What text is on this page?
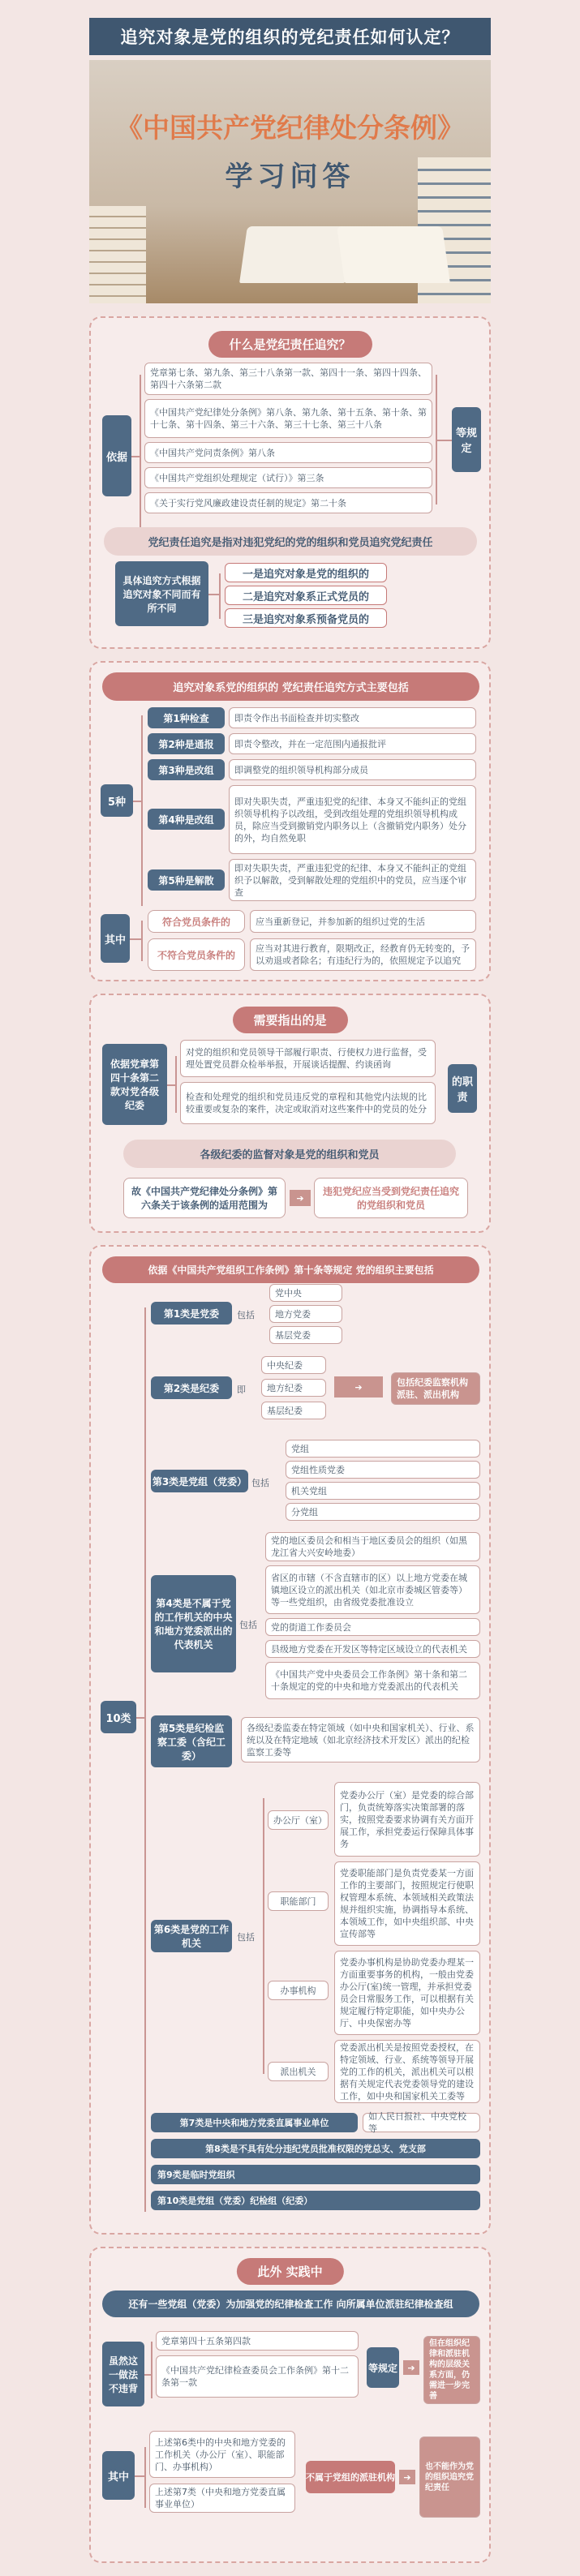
追究对象是党的组织的党纪责任如何认定？
《中国共产党纪律处分条例》
学习问答
什么是党纪责任追究？
依据
党章第七条、第九条、第三十八条第一款、第四十一条、第四十四条、第四十六条第二款
《中国共产党纪律处分条例》第八条、第九条、第十五条、第十条、第十七条、第十四条、第三十六条、第三十七条、第三十八条
《中国共产党问责条例》第八条
《中国共产党组织处理规定（试行）》第三条
《关于实行党风廉政建设责任制的规定》第二十条
等规定
党纪责任追究是指对违犯党纪的党的组织和党员追究党纪责任
具体追究方式根据追究对象不同而有所不同
一是追究对象是党的组织的
二是追究对象系正式党员的
三是追究对象系预备党员的
追究对象系党的组织的 党纪责任追究方式主要包括
5种
第1种检查	即责令作出书面检查并切实整改
第2种是通报	即责令整改，并在一定范围内通报批评
第3种是改组	即调整党的组织领导机构部分成员
第4种是改组
即对失职失责，严重违犯党的纪律、本身又不能纠正的党组织领导机构予以改组，受到改组处理的党组织领导机构成员，除应当受到撤销党内职务以上（含撤销党内职务）处分的外，均自然免职
第5种是解散
即对失职失责，严重违犯党的纪律、本身又不能纠正的党组织予以解散，受到解散处理的党组织中的党员，应当逐个审查
其中
符合党员条件的	应当重新登记，并参加新的组织过党的生活
不符合党员条件的
应当对其进行教育，限期改正，经教育仍无转变的，予以劝退或者除名；有违纪行为的，依照规定予以追究
需要指出的是
依据党章第四十条第二款对党各级纪委
对党的组织和党员领导干部履行职责、行使权力进行监督，受理处置党员群众检举举报，开展谈话提醒、约谈函询
检查和处理党的组织和党员违反党的章程和其他党内法规的比较重要或复杂的案件，决定或取消对这些案件中的党员的处分
的职责
各级纪委的监督对象是党的组织和党员
故《中国共产党纪律处分条例》第六条关于该条例的适用范围为
➔
违犯党纪应当受到党纪责任追究的党组织和党员
依据《中国共产党组织工作条例》第十条等规定 党的组织主要包括
10类
第1类是党委	包括
党中央
地方党委
基层党委
第2类是纪委	即
中央纪委
地方纪委
基层纪委
➔	包括纪委监察机构派驻、派出机构
第3类是党组（党委） 包括
党组
党组性质党委
机关党组
分党组
第4类是不属于党的工作机关的中央和地方党委派出的代表机关
包括
党的地区委员会和相当于地区委员会的组织（如黑龙江省大兴安岭地委）
省区的市辖（不含直辖市的区）以上地方党委在城镇地区设立的派出机关（如北京市委城区管委等）等一些党组织，由省级党委批准设立
党的街道工作委员会
县级地方党委在开发区等特定区域设立的代表机关
《中国共产党中央委员会工作条例》第十条和第二十条规定的党的中央和地方党委派出的代表机关
第5类是纪检监察工委（含纪工委）
各级纪委监委在特定领域（如中央和国家机关）、行业、系统以及在特定地域（如北京经济技术开发区）派出的纪检监察工委等
第6类是党的工作机关
包括
办公厅（室）
党委办公厅（室）是党委的综合部门，负责统筹落实决策部署的落实，按照党委要求协调有关方面开展工作，承担党委运行保障具体事务
职能部门
党委职能部门是负责党委某一方面工作的主要部门，按照规定行使职权管理本系统、本领域相关政策法规并组织实施，协调指导本系统、本领域工作，如中央组织部、中央宣传部等
办事机构
党委办事机构是协助党委办理某一方面重要事务的机构，一般由党委办公厅(室)统一管理，并承担党委员会日常服务工作，可以根据有关规定履行特定职能，如中央办公厅、中央保密办等
派出机关
党委派出机关是按照党委授权，在特定领域、行业、系统等领导开展党的工作的机关，派出机关可以根据有关规定代表党委领导党的建设工作，如中央和国家机关工委等
第7类是中央和地方党委直属事业单位
如人民日报社、中央党校等
第8类是不具有处分违纪党员批准权限的党总支、党支部
第9类是临时党组织
第10类是党组（党委）纪检组（纪委）
此外 实践中
还有一些党组（党委）为加强党的纪律检查工作 向所属单位派驻纪律检查组
虽然这一做法不违背
党章第四十五条第四款
《中国共产党纪律检查委员会工作条例》第十二条第一款
等规定	➔
但在组织纪律和派驻机构的层级关系方面，仍需进一步完善
其中
上述第6类中的中央和地方党委的工作机关（办公厅（室）、职能部门、办事机构）
上述第7类（中央和地方党委直属事业单位）
不属于党组的派驻机构 ➔
也不能作为党的组织追究党纪责任
